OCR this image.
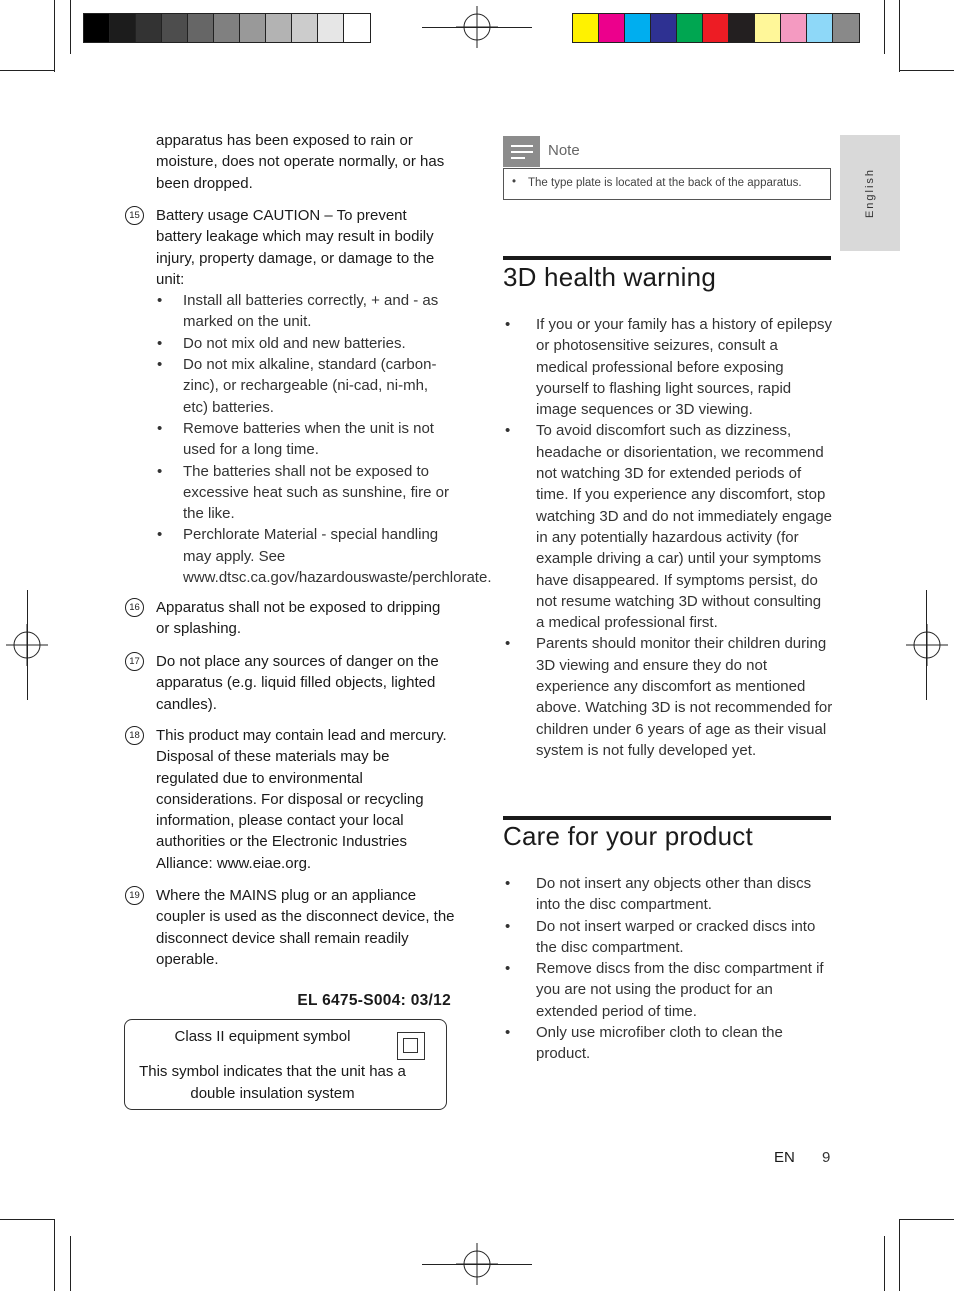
English
apparatus has been exposed to rain or moisture, does not operate normally, or has been dropped.
15 Battery usage CAUTION – To prevent battery leakage which may result in bodily injury, property damage, or damage to the unit:
• Install all batteries correctly, + and - as marked on the unit.
• Do not mix old and new batteries.
• Do not mix alkaline, standard (carbon-zinc), or rechargeable (ni-cad, ni-mh, etc) batteries.
• Remove batteries when the unit is not used for a long time.
• The batteries shall not be exposed to excessive heat such as sunshine, fire or the like.
• Perchlorate Material - special handling may apply. See www.dtsc.ca.gov/hazardouswaste/perchlorate.
16 Apparatus shall not be exposed to dripping or splashing.
17 Do not place any sources of danger on the apparatus (e.g. liquid filled objects, lighted candles).
18 This product may contain lead and mercury. Disposal of these materials may be regulated due to environmental considerations. For disposal or recycling information, please contact your local authorities or the Electronic Industries Alliance: www.eiae.org.
19 Where the MAINS plug or an appliance coupler is used as the disconnect device, the disconnect device shall remain readily operable.
EL 6475-S004: 03/12
Class II equipment symbol
This symbol indicates that the unit has a double insulation system
Note
• The type plate is located at the back of the apparatus.
3D health warning
• If you or your family has a history of epilepsy or photosensitive seizures, consult a medical professional before exposing yourself to flashing light sources, rapid image sequences or 3D viewing.
• To avoid discomfort such as dizziness, headache or disorientation, we recommend not watching 3D for extended periods of time. If you experience any discomfort, stop watching 3D and do not immediately engage in any potentially hazardous activity (for example driving a car) until your symptoms have disappeared. If symptoms persist, do not resume watching 3D without consulting a medical professional first.
• Parents should monitor their children during 3D viewing and ensure they do not experience any discomfort as mentioned above. Watching 3D is not recommended for children under 6 years of age as their visual system is not fully developed yet.
Care for your product
• Do not insert any objects other than discs into the disc compartment.
• Do not insert warped or cracked discs into the disc compartment.
• Remove discs from the disc compartment if you are not using the product for an extended period of time.
• Only use microfiber cloth to clean the product.
EN 9
